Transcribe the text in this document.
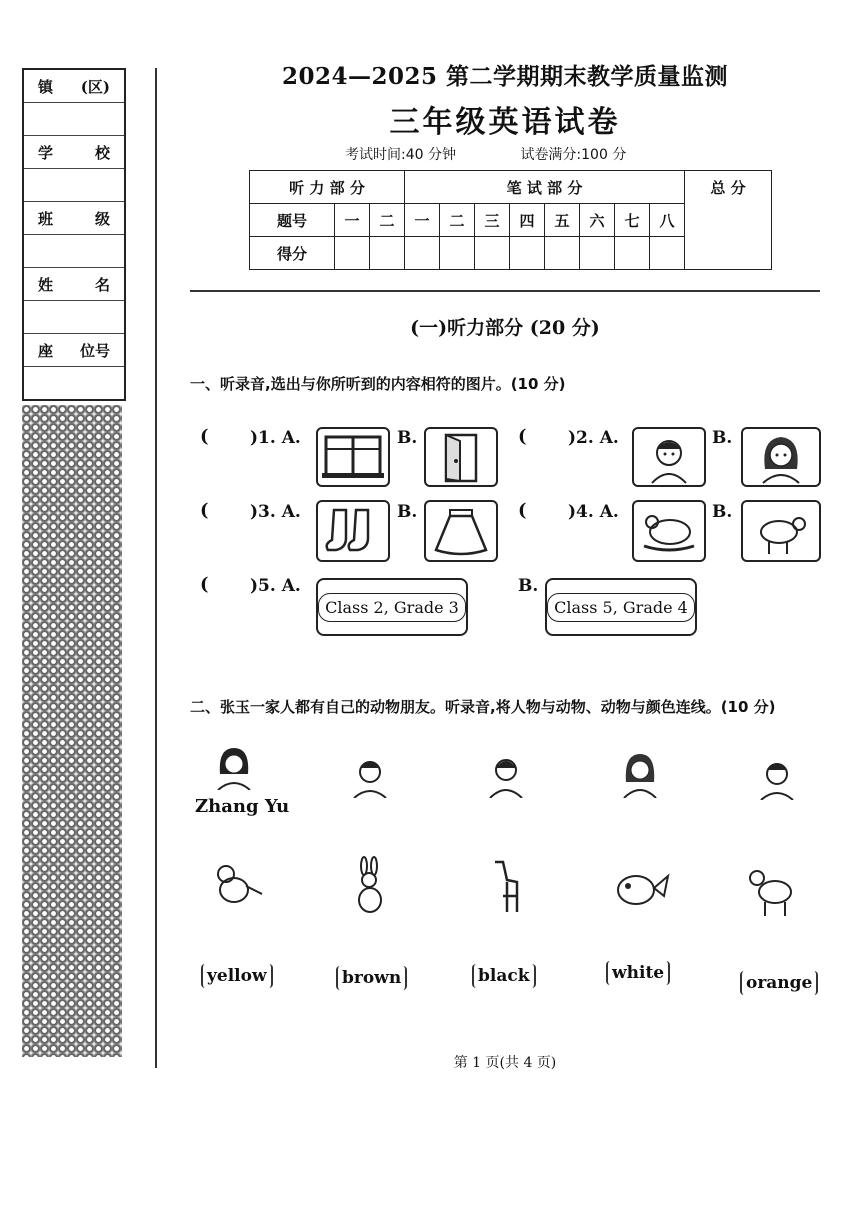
镇 (区)
学	校
班	级
姓	名
座 位号
2024—2025 第二学期期末教学质量监测
三年级英语试卷
考试时间:40 分钟	试卷满分:100 分
听 力 部 分			笔 试 部 分								总 分
题号	一	二	一	二	三	四	五	六	七	八	
得分											
(一)听力部分 (20 分)
一、听录音,选出与你所听到的内容相符的图片。(10 分)
( )1. A.	B.	( )2. A.	B.
( )3. A.	B.	( )4. A.	B.
( )5. A.
Class 2, Grade 3
B.
Class 5, Grade 4
二、张玉一家人都有自己的动物朋友。听录音,将人物与动物、动物与颜色连线。(10 分)
Zhang Yu
yellow	brown	black	white	orange
第 1 页(共 4 页)
